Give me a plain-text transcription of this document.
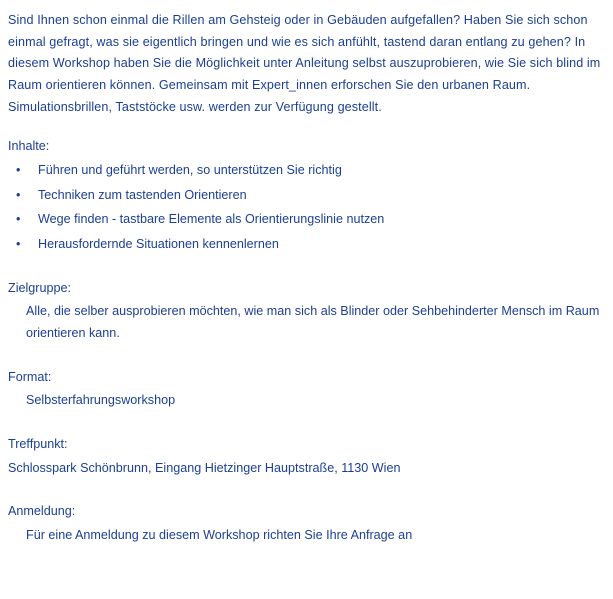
Sind Ihnen schon einmal die Rillen am Gehsteig oder in Gebäuden aufgefallen? Haben Sie sich schon einmal gefragt, was sie eigentlich bringen und wie es sich anfühlt, tastend daran entlang zu gehen? In diesem Workshop haben Sie die Möglichkeit unter Anleitung selbst auszuprobieren, wie Sie sich blind im Raum orientieren können. Gemeinsam mit Expert_innen erforschen Sie den urbanen Raum. Simulationsbrillen, Taststöcke usw. werden zur Verfügung gestellt.

Inhalte:

• Führen und geführt werden, so unterstützen Sie richtig
• Techniken zum tastenden Orientieren
• Wege finden - tastbare Elemente als Orientierungslinie nutzen
• Herausfordernde Situationen kennenlernen

Zielgruppe:

Alle, die selber ausprobieren möchten, wie man sich als Blinder oder Sehbehinderter Mensch im Raum orientieren kann.

Format:

Selbsterfahrungsworkshop

Treffpunkt:

Schlosspark Schönbrunn, Eingang Hietzinger Hauptstraße, 1130 Wien

Anmeldung:

Für eine Anmeldung zu diesem Workshop richten Sie Ihre Anfrage an
